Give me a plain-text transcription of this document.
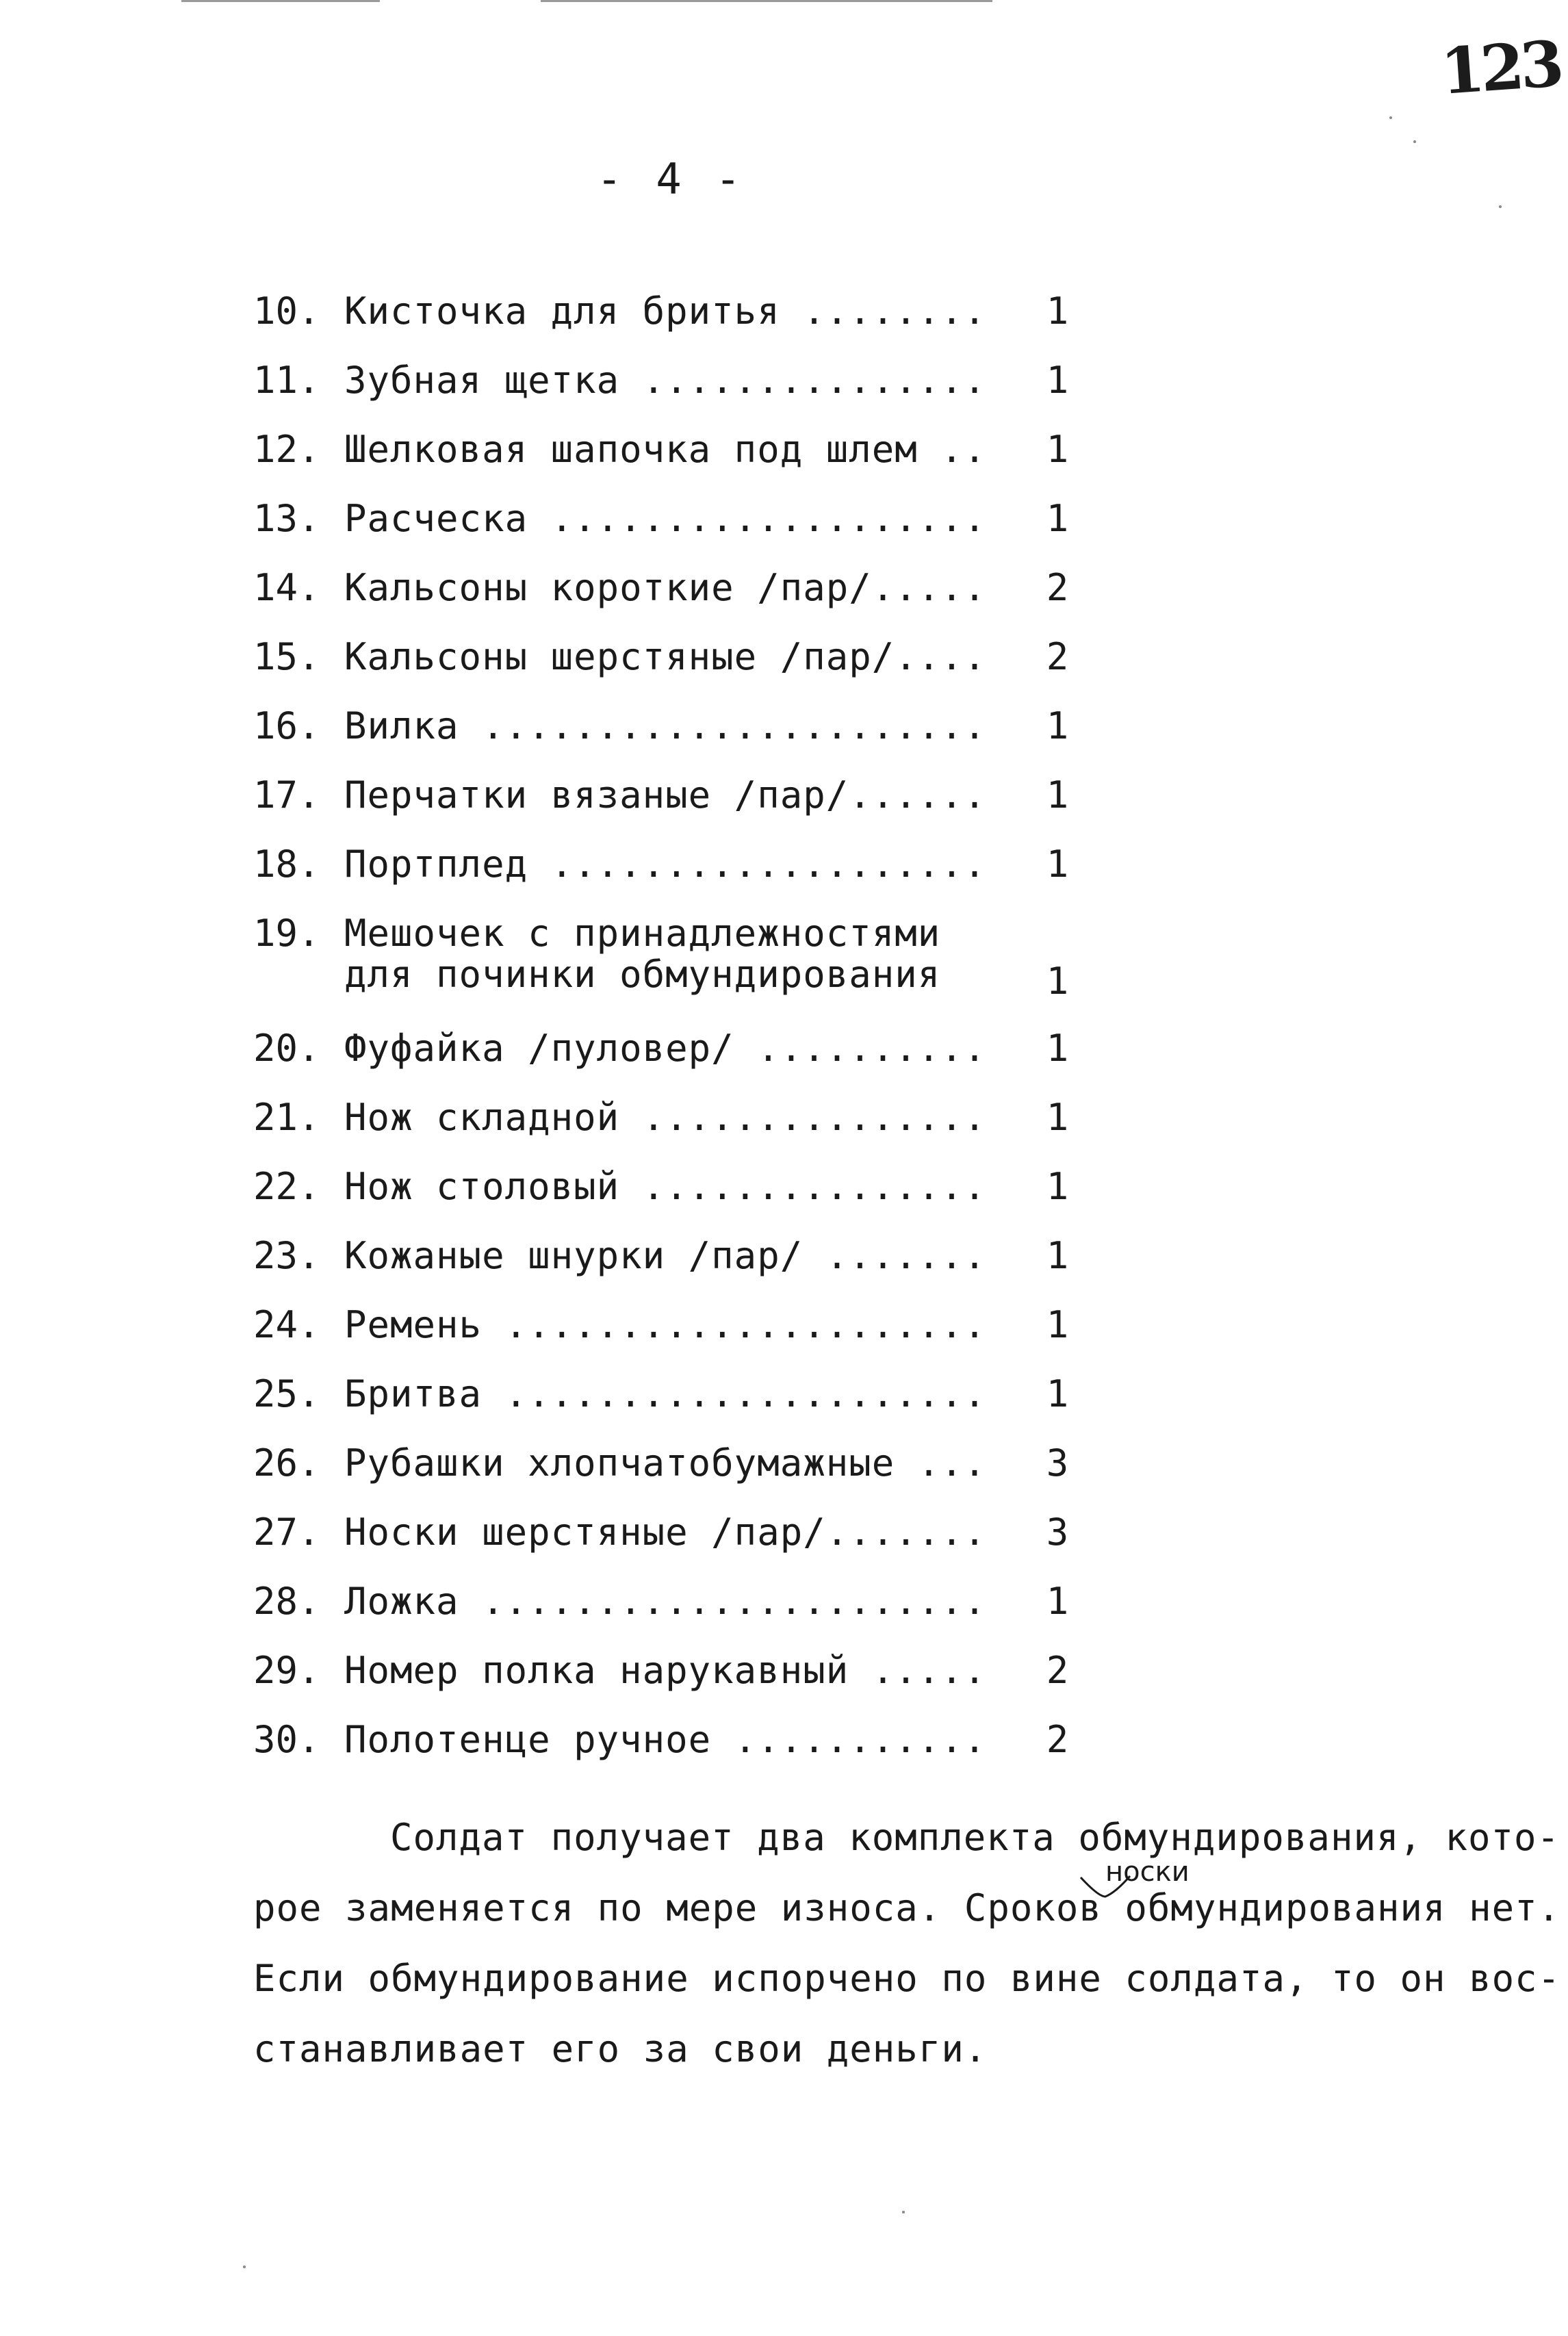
123
- 4 -
10. Кисточка для бритья ........	1
11. Зубная щетка ...............	1
12. Шелковая шапочка под шлем ..	1
13. Расческа ...................	1
14. Кальсоны короткие /пар/.....	2
15. Кальсоны шерстяные /пар/....	2
16. Вилка ......................	1
17. Перчатки вязаные /пар/......	1
18. Портплед ...................	1
19. Мешочек с принадлежностями
для починки обмундирования	1
20. Фуфайка /пуловер/ ..........	1
21. Нож складной ...............	1
22. Нож столовый ...............	1
23. Кожаные шнурки /пар/ .......	1
24. Ремень .....................	1
25. Бритва .....................	1
26. Рубашки хлопчатобумажные ...	3
27. Носки шерстяные /пар/.......	3
28. Ложка ......................	1
29. Номер полка нарукавный .....	2
30. Полотенце ручное ...........	2
Солдат получает два комплекта обмундирования, кото-
рое заменяется по мере износа. Сроков обмундирования нет.
Если обмундирование испорчено по вине солдата, то он вос-
станавливает его за свои деньги.
носки
